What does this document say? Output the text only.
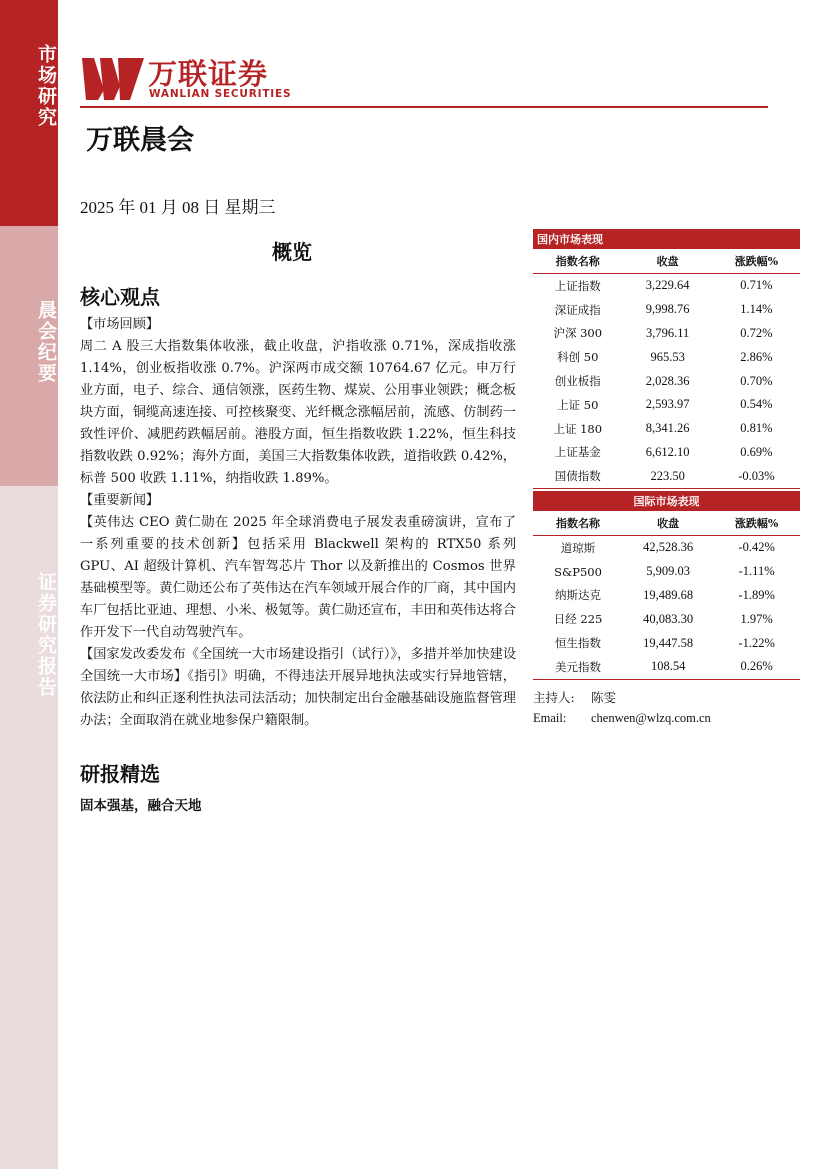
市场研究
晨会纪要
证券研究报告
万联证券
WANLIAN SECURITIES
万联晨会
2025 年 01 月 08 日 星期三
概览
核心观点

【市场回顾】

周二 A 股三大指数集体收涨，截止收盘，沪指收涨 0.71%，深成指收涨 1.14%，创业板指收涨 0.7%。沪深两市成交额 10764.67 亿元。申万行业方面，电子、综合、通信领涨，医药生物、煤炭、公用事业领跌；概念板块方面，铜缆高速连接、可控核聚变、光纤概念涨幅居前，流感、仿制药一致性评价、减肥药跌幅居前。港股方面，恒生指数收跌 1.22%，恒生科技指数收跌 0.92%；海外方面，美国三大指数集体收跌，道指收跌 0.42%，标普 500 收跌 1.11%，纳指收跌 1.89%。

【重要新闻】

【英伟达 CEO 黄仁勋在 2025 年全球消费电子展发表重磅演讲，宣布了一系列重要的技术创新】包括采用 Blackwell 架构的 RTX50 系列 GPU、AI 超级计算机、汽车智驾芯片 Thor 以及新推出的 Cosmos 世界基础模型等。黄仁勋还公布了英伟达在汽车领域开展合作的厂商，其中国内车厂包括比亚迪、理想、小米、极氪等。黄仁勋还宣布，丰田和英伟达将合作开发下一代自动驾驶汽车。

【国家发改委发布《全国统一大市场建设指引（试行）》，多措并举加快建设全国统一大市场】《指引》明确，不得违法开展异地执法或实行异地管辖，依法防止和纠正逐利性执法司法活动；加快制定出台金融基础设施监督管理办法；全面取消在就业地参保户籍限制。

研报精选
固本强基，融合天地
国内市场表现		
指数名称	收盘	涨跌幅%
上证指数	3,229.64	0.71%
深证成指	9,998.76	1.14%
沪深 300	3,796.11	0.72%
科创 50	965.53	2.86%
创业板指	2,028.36	0.70%
上证 50	2,593.97	0.54%
上证 180	8,341.26	0.81%
上证基金	6,612.10	0.69%
国债指数	223.50	-0.03%
国际市场表现		
指数名称	收盘	涨跌幅%
道琼斯	42,528.36	-0.42%
S&P500	5,909.03	-1.11%
纳斯达克	19,489.68	-1.89%
日经 225	40,083.30	1.97%
恒生指数	19,447.58	-1.22%
美元指数	108.54	0.26%
主持人: 陈雯
Email: chenwen@wlzq.com.cn
